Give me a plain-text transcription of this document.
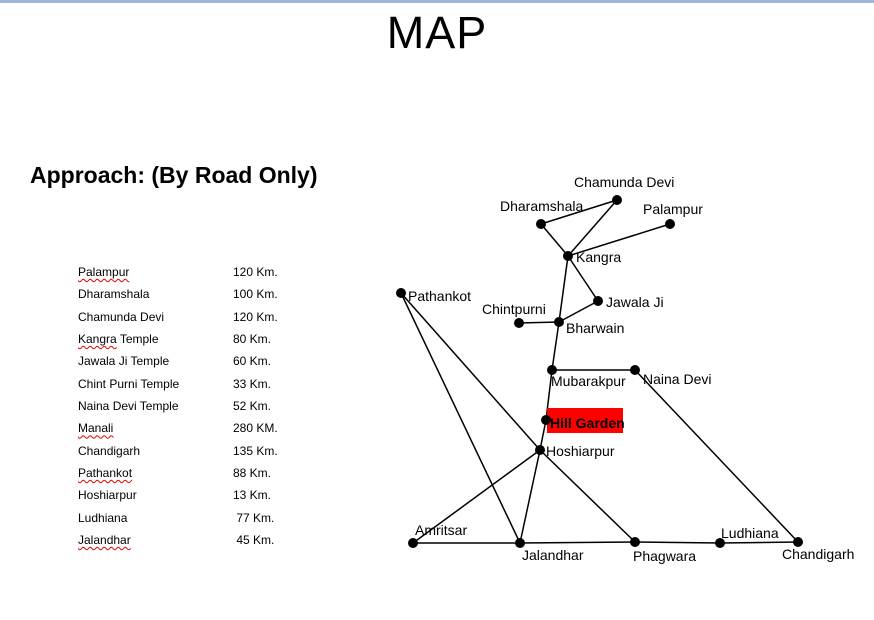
MAP
Approach: (By Road Only)
Palampur	120 Km.
Dharamshala	100 Km.
Chamunda Devi	120 Km.
Kangra Temple	80 Km.
Jawala Ji Temple	60 Km.
Chint Purni Temple	33 Km.
Naina Devi Temple	52 Km.
Manali	280 KM.
Chandigarh	135 Km.
Pathankot	88 Km.
Hoshiarpur	13 Km.
Ludhiana	77 Km.
Jalandhar	45 Km.
Chamunda Devi
Dharamshala	Palampur
Kangra
Pathankot	Jawala Ji
Chintpurni
Bharwain
Mubarakpur Naina Devi
Hill Garden
Hoshiarpur
Amritsar
Jalandhar	Phagwara
Ludhiana
Chandigarh
